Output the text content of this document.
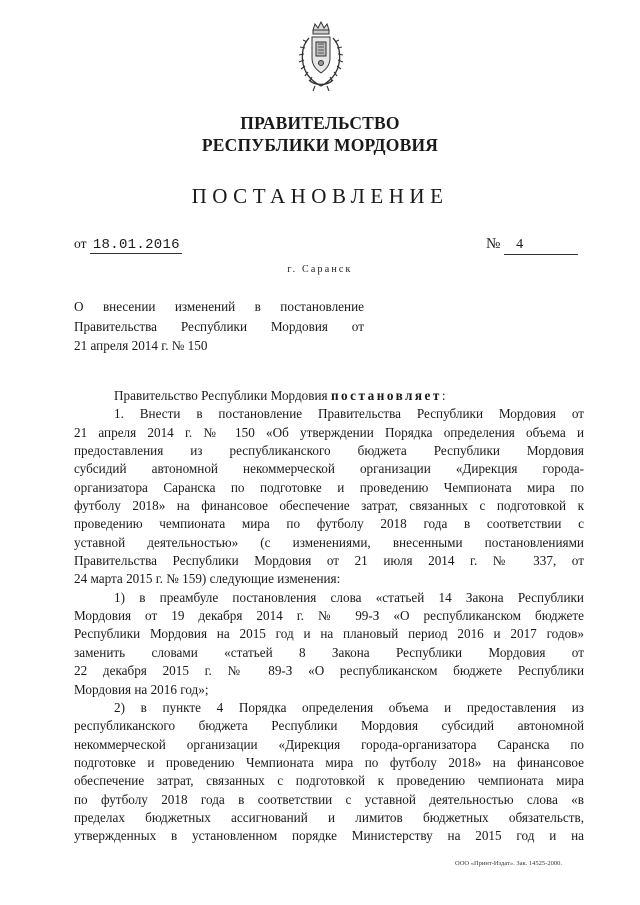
ПРАВИТЕЛЬСТВО
РЕСПУБЛИКИ МОРДОВИЯ
ПОСТАНОВЛЕНИЕ
от 18.01.2016	№ 4
г. Саранск
О внесении изменений в постановление
Правительства Республики Мордовия от
21 апреля 2014 г. № 150
Правительство Республики Мордовия постановляет:
1. Внести в постановление Правительства Республики Мордовия от
21 апреля 2014 г. № 150 «Об утверждении Порядка определения объема и
предоставления из республиканского бюджета Республики Мордовия
субсидий автономной некоммерческой организации «Дирекция города-
организатора Саранска по подготовке и проведению Чемпионата мира по
футболу 2018» на финансовое обеспечение затрат, связанных с подготовкой к
проведению чемпионата мира по футболу 2018 года в соответствии с
уставной деятельностью» (с изменениями, внесенными постановлениями
Правительства Республики Мордовия от 21 июля 2014 г. № 337, от
24 марта 2015 г. № 159) следующие изменения:
1) в преамбуле постановления слова «статьей 14 Закона Республики
Мордовия от 19 декабря 2014 г. № 99-З «О республиканском бюджете
Республики Мордовия на 2015 год и на плановый период 2016 и 2017 годов»
заменить словами «статьей 8 Закона Республики Мордовия от
22 декабря 2015 г. № 89-З «О республиканском бюджете Республики
Мордовия на 2016 год»;
2) в пункте 4 Порядка определения объема и предоставления из
республиканского бюджета Республики Мордовия субсидий автономной
некоммерческой организации «Дирекция города-организатора Саранска по
подготовке и проведению Чемпионата мира по футболу 2018» на финансовое
обеспечение затрат, связанных с подготовкой к проведению чемпионата мира
по футболу 2018 года в соответствии с уставной деятельностью слова «в
пределах бюджетных ассигнований и лимитов бюджетных обязательств,
утвержденных в установленном порядке Министерству на 2015 год и на
ООО «Принт-Издат». Зак. 14525-2000.
